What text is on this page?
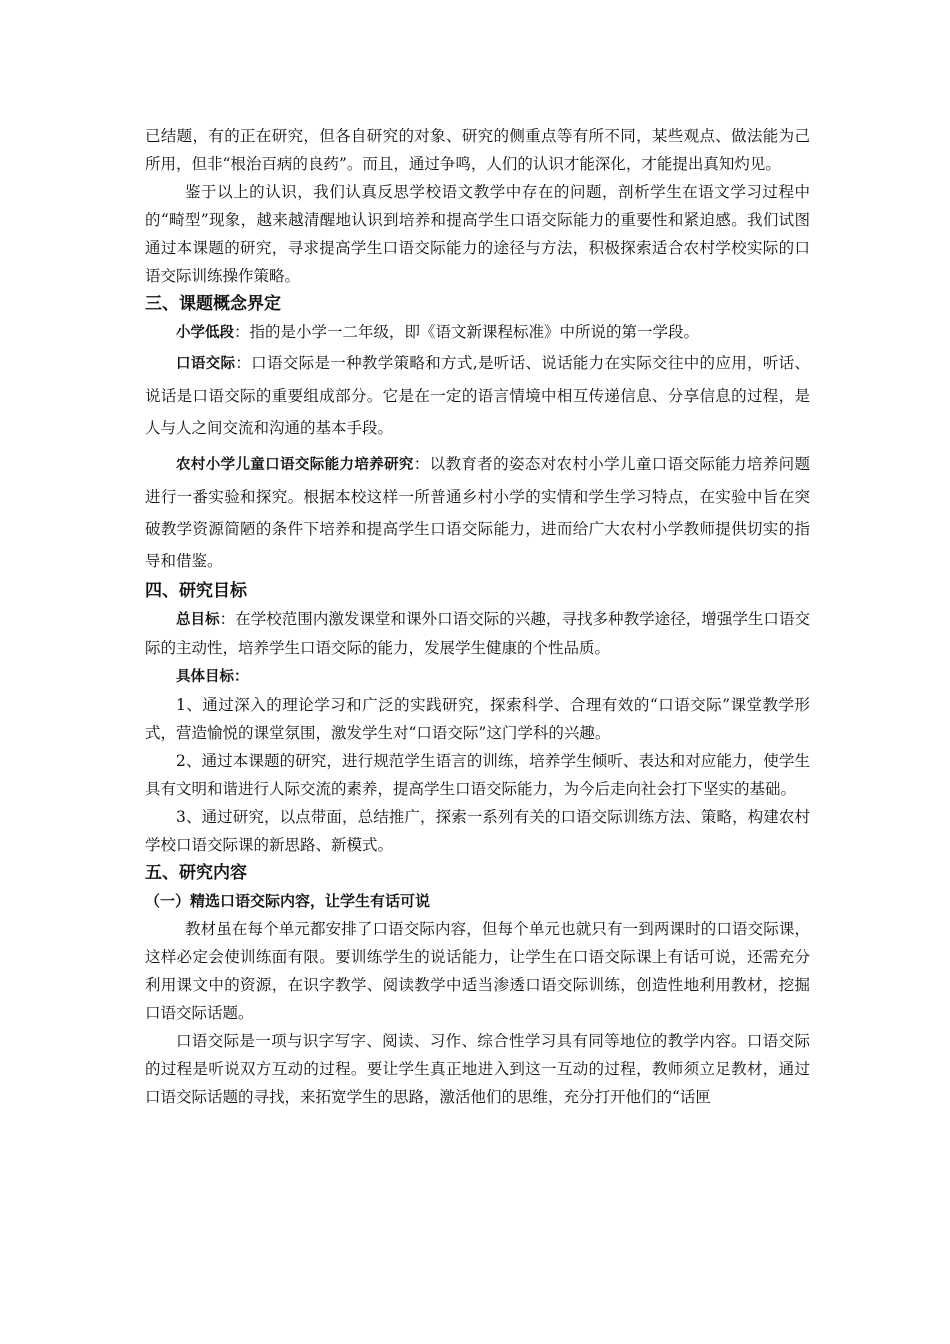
已结题，有的正在研究，但各自研究的对象、研究的侧重点等有所不同，某些观点、做法能为己所用，但非“根治百病的良药”。而且，通过争鸣，人们的认识才能深化，才能提出真知灼见。

鉴于以上的认识，我们认真反思学校语文教学中存在的问题，剖析学生在语文学习过程中的“畸型”现象，越来越清醒地认识到培养和提高学生口语交际能力的重要性和紧迫感。我们试图通过本课题的研究，寻求提高学生口语交际能力的途径与方法，积极探索适合农村学校实际的口语交际训练操作策略。

三、课题概念界定

小学低段：指的是小学一二年级，即《语文新课程标准》中所说的第一学段。

口语交际：口语交际是一种教学策略和方式,是听话、说话能力在实际交往中的应用，听话、说话是口语交际的重要组成部分。它是在一定的语言情境中相互传递信息、分享信息的过程，是人与人之间交流和沟通的基本手段。

农村小学儿童口语交际能力培养研究：以教育者的姿态对农村小学儿童口语交际能力培养问题进行一番实验和探究。根据本校这样一所普通乡村小学的实情和学生学习特点，在实验中旨在突破教学资源简陋的条件下培养和提高学生口语交际能力，进而给广大农村小学教师提供切实的指导和借鉴。

四、研究目标

总目标：在学校范围内激发课堂和课外口语交际的兴趣，寻找多种教学途径，增强学生口语交际的主动性，培养学生口语交际的能力，发展学生健康的个性品质。

具体目标：

1、通过深入的理论学习和广泛的实践研究，探索科学、合理有效的“口语交际”课堂教学形式，营造愉悦的课堂氛围，激发学生对“口语交际”这门学科的兴趣。

2、通过本课题的研究，进行规范学生语言的训练，培养学生倾听、表达和对应能力，使学生具有文明和谐进行人际交流的素养，提高学生口语交际能力，为今后走向社会打下坚实的基础。

3、通过研究，以点带面，总结推广，探索一系列有关的口语交际训练方法、策略，构建农村学校口语交际课的新思路、新模式。

五、研究内容
（一）精选口语交际内容，让学生有话可说

教材虽在每个单元都安排了口语交际内容，但每个单元也就只有一到两课时的口语交际课，这样必定会使训练面有限。要训练学生的说话能力，让学生在口语交际课上有话可说，还需充分利用课文中的资源，在识字教学、阅读教学中适当渗透口语交际训练，创造性地利用教材，挖掘口语交际话题。

口语交际是一项与识字写字、阅读、习作、综合性学习具有同等地位的教学内容。口语交际的过程是听说双方互动的过程。要让学生真正地进入到这一互动的过程，教师须立足教材，通过口语交际话题的寻找，来拓宽学生的思路，激活他们的思维，充分打开他们的“话匣
